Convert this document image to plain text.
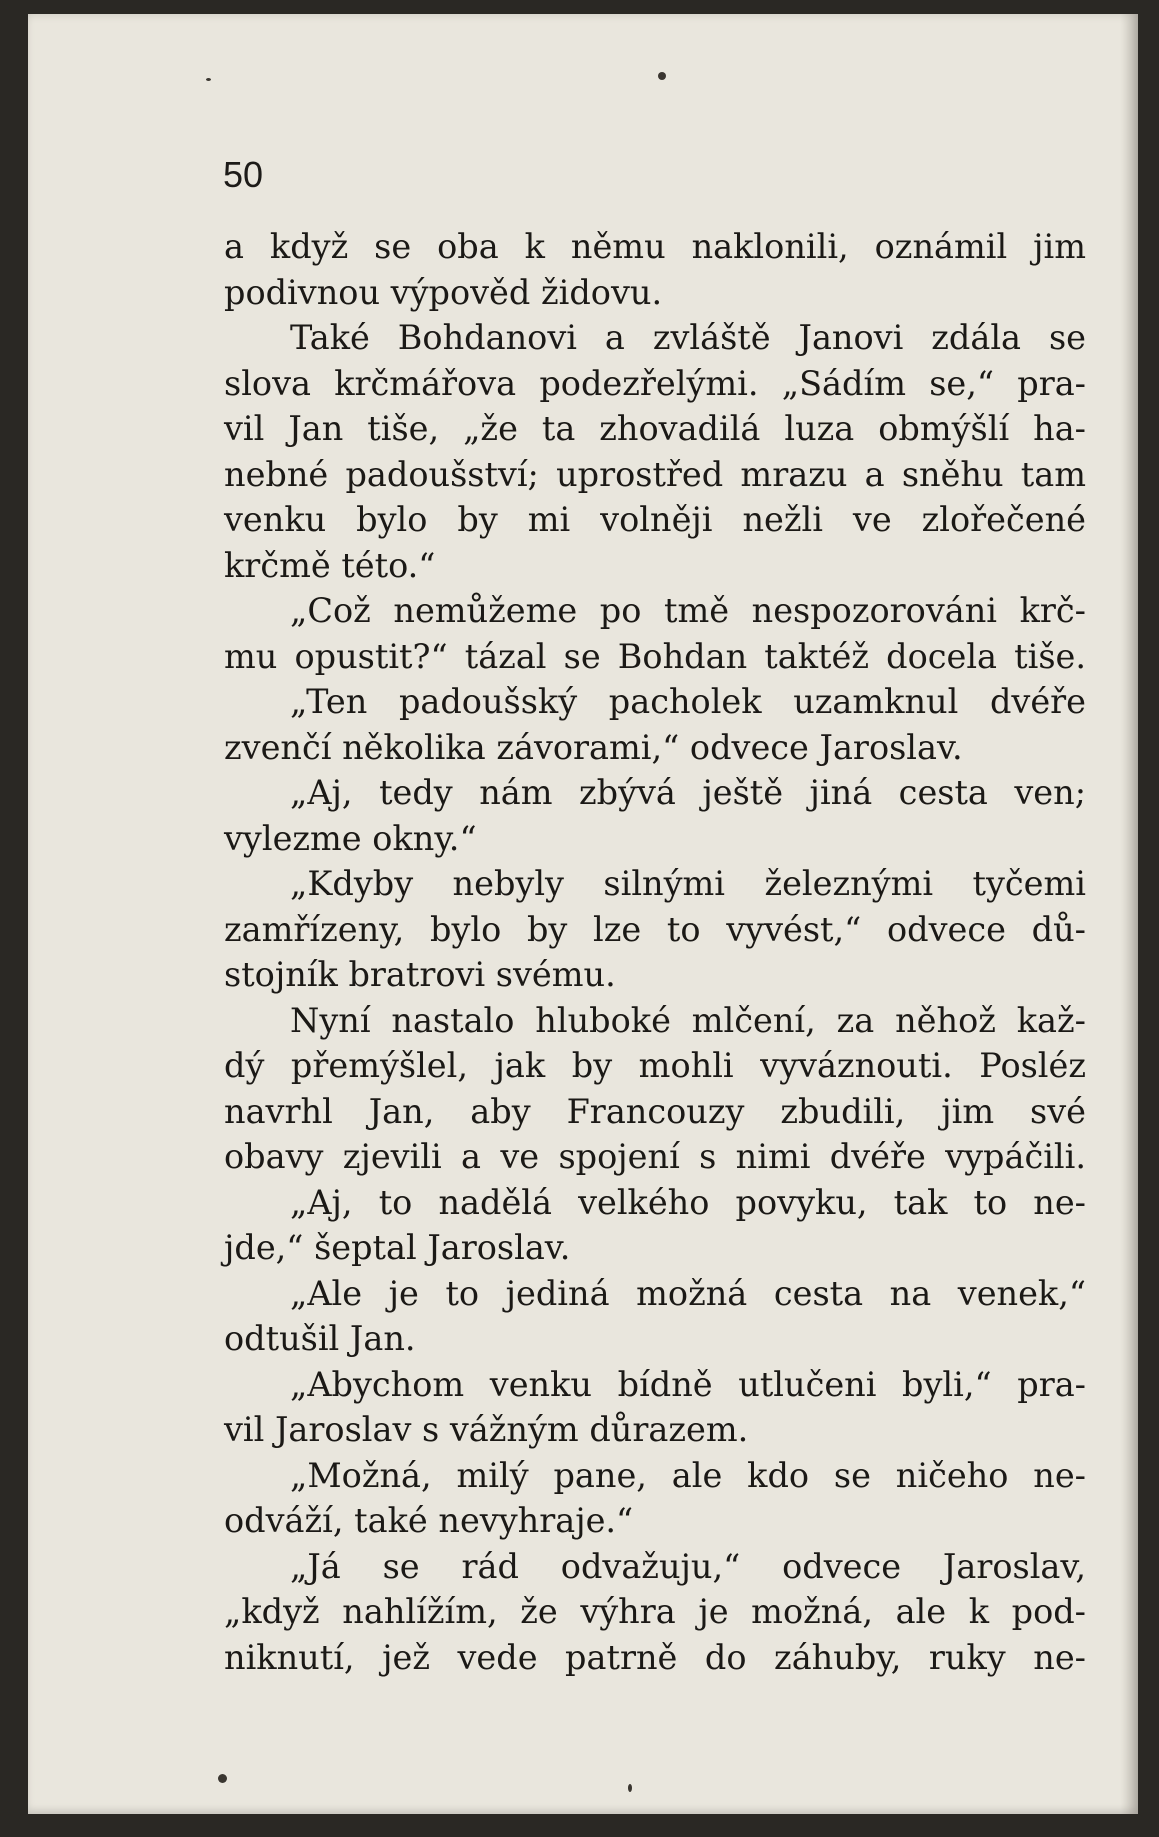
50
a když se oba k němu naklonili, oznámil jim
podivnou výpověd židovu.
Také Bohdanovi a zvláště Janovi zdála se
slova krčmářova podezřelými. „Sádím se,“ pra-
vil Jan tiše, „že ta zhovadilá luza obmýšlí ha-
nebné padoušství; uprostřed mrazu a sněhu tam
venku bylo by mi volněji nežli ve zlořečené
krčmě této.“
„Což nemůžeme po tmě nespozorováni krč-
mu opustit?“ tázal se Bohdan taktéž docela tiše.
„Ten padoušský pacholek uzamknul dvéře
zvenčí několika závorami,“ odvece Jaroslav.
„Aj, tedy nám zbývá ještě jiná cesta ven;
vylezme okny.“
„Kdyby nebyly silnými železnými tyčemi
zamřízeny, bylo by lze to vyvést,“ odvece dů-
stojník bratrovi svému.
Nyní nastalo hluboké mlčení, za něhož kaž-
dý přemýšlel, jak by mohli vyváznouti. Posléz
navrhl Jan, aby Francouzy zbudili, jim své
obavy zjevili a ve spojení s nimi dvéře vypáčili.
„Aj, to nadělá velkého povyku, tak to ne-
jde,“ šeptal Jaroslav.
„Ale je to jediná možná cesta na venek,“
odtušil Jan.
„Abychom venku bídně utlučeni byli,“ pra-
vil Jaroslav s vážným důrazem.
„Možná, milý pane, ale kdo se ničeho ne-
odváží, také nevyhraje.“
„Já se rád odvažuju,“ odvece Jaroslav,
„když nahlížím, že výhra je možná, ale k pod-
niknutí, jež vede patrně do záhuby, ruky ne-
